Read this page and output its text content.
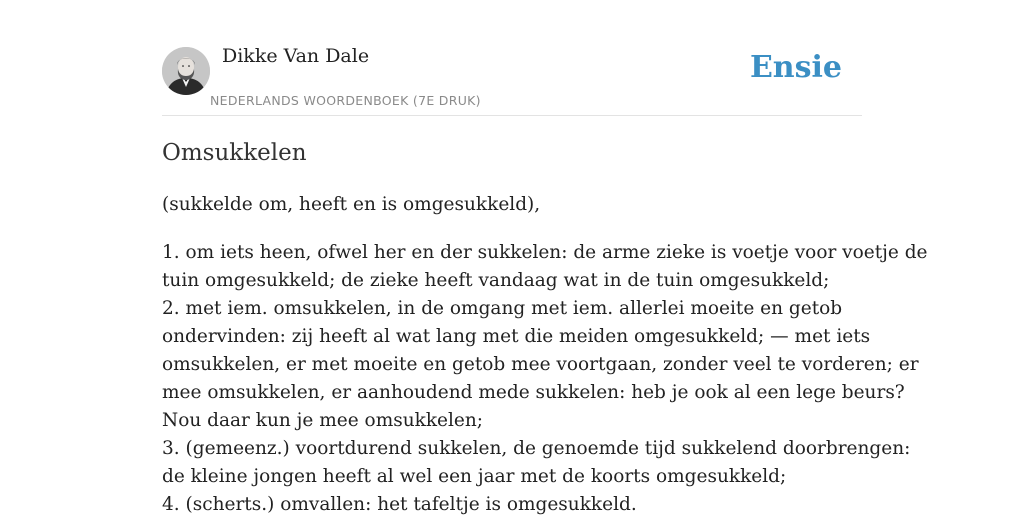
Dikke Van Dale
NEDERLANDS WOORDENBOEK (7E DRUK)
Ensie
Omsukkelen

(sukkelde om, heeft en is omgesukkeld),

1. om iets heen, ofwel her en der sukkelen: de arme zieke is voetje voor voetje de
tuin omgesukkeld; de zieke heeft vandaag wat in de tuin omgesukkeld;
2. met iem. omsukkelen, in de omgang met iem. allerlei moeite en getob
ondervinden: zij heeft al wat lang met die meiden omgesukkeld; — met iets
omsukkelen, er met moeite en getob mee voortgaan, zonder veel te vorderen; er
mee omsukkelen, er aanhoudend mede sukkelen: heb je ook al een lege beurs?
Nou daar kun je mee omsukkelen;
3. (gemeenz.) voortdurend sukkelen, de genoemde tijd sukkelend doorbrengen:
de kleine jongen heeft al wel een jaar met de koorts omgesukkeld;
4. (scherts.) omvallen: het tafeltje is omgesukkeld.
